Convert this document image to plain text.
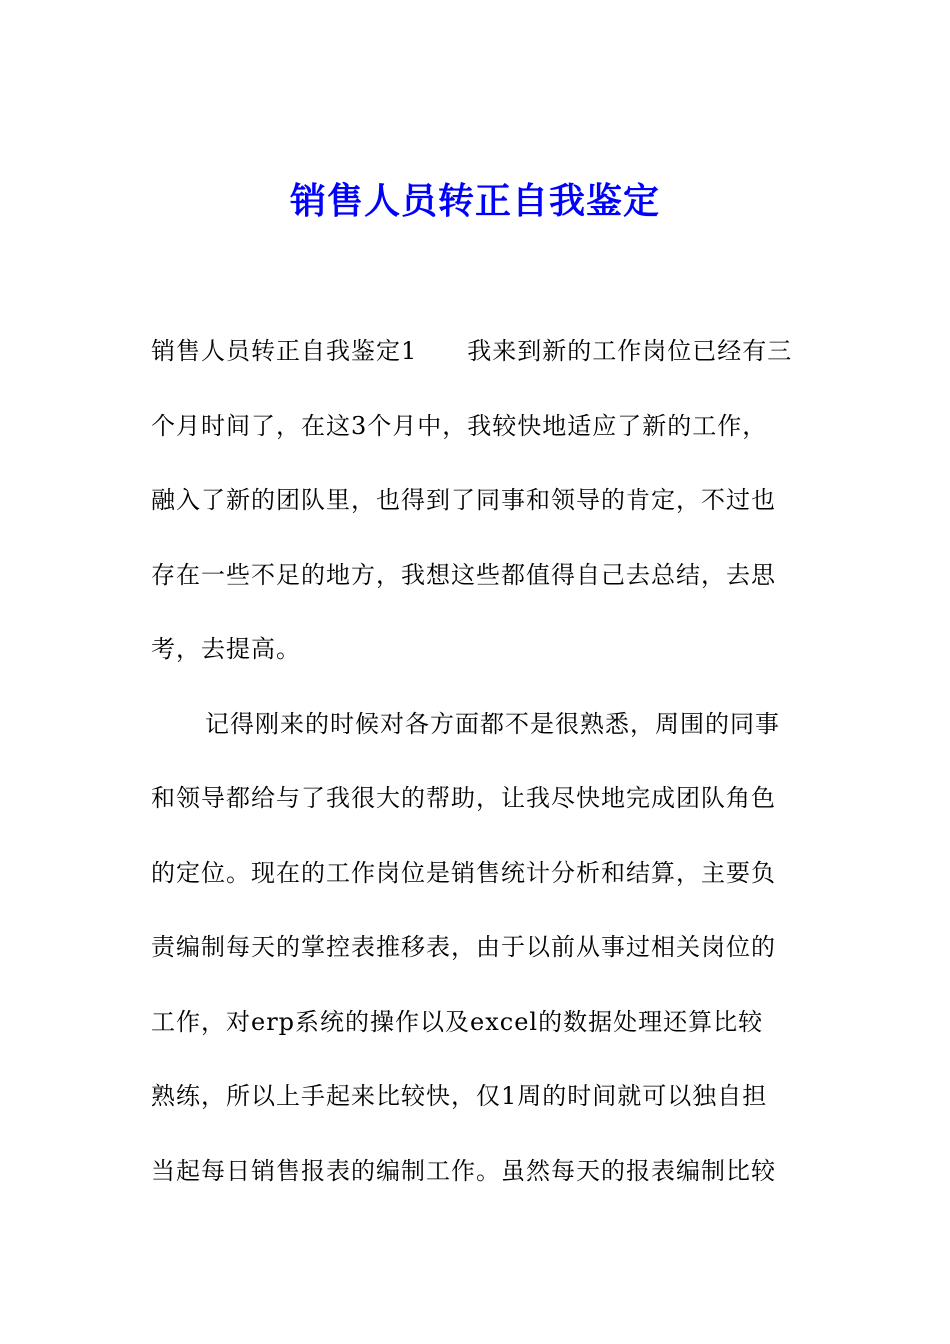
销售人员转正自我鉴定
销售人员转正自我鉴定1　　我来到新的工作岗位已经有三
个月时间了，在这3个月中，我较快地适应了新的工作，
融入了新的团队里，也得到了同事和领导的肯定，不过也
存在一些不足的地方，我想这些都值得自己去总结，去思
考，去提高。
记得刚来的时候对各方面都不是很熟悉，周围的同事
和领导都给与了我很大的帮助，让我尽快地完成团队角色
的定位。现在的工作岗位是销售统计分析和结算，主要负
责编制每天的掌控表推移表，由于以前从事过相关岗位的
工作，对erp系统的操作以及excel的数据处理还算比较
熟练，所以上手起来比较快，仅1周的时间就可以独自担
当起每日销售报表的编制工作。虽然每天的报表编制比较
